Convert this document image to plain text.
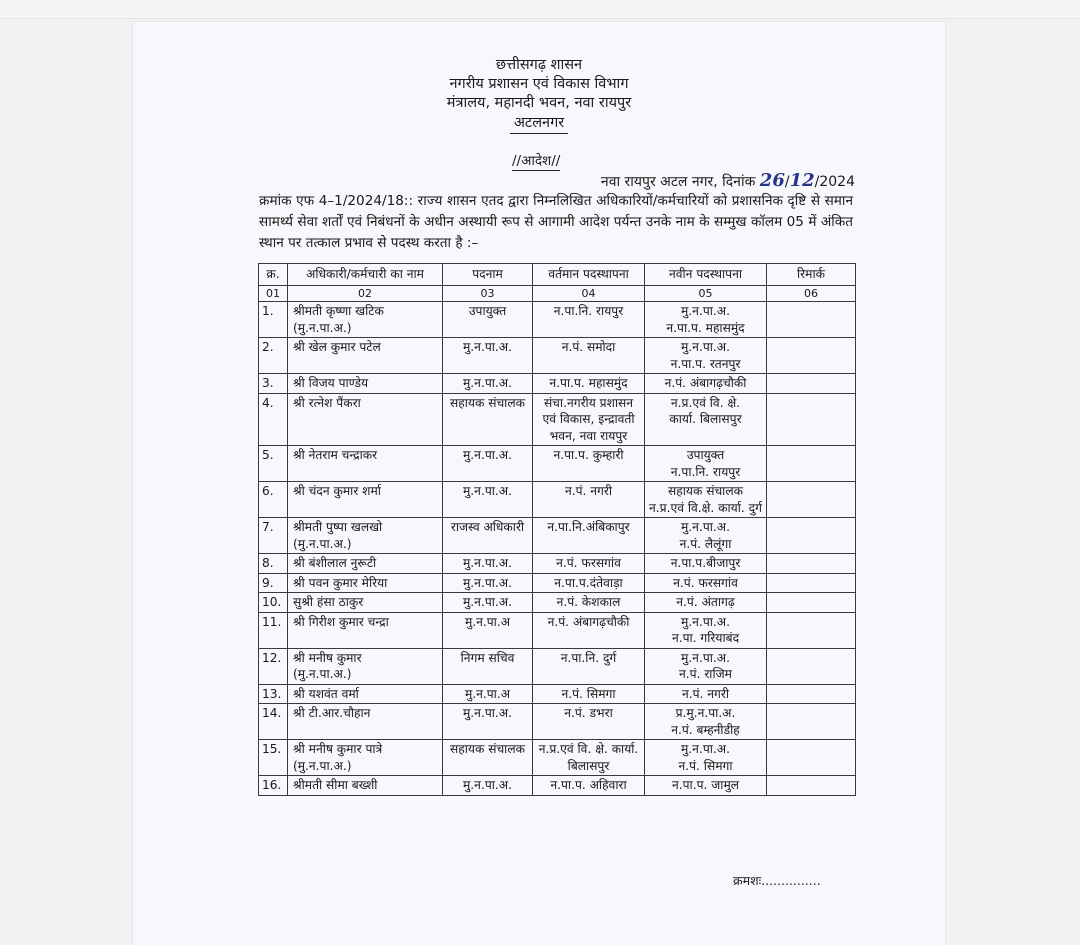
छत्तीसगढ़ शासन
नगरीय प्रशासन एवं विकास विभाग
मंत्रालय, महानदी भवन, नवा रायपुर
अटलनगर
//आदेश//
नवा रायपुर अटल नगर, दिनांक 26/12/2024
क्रमांक एफ 4–1/2024/18:: राज्य शासन एतद द्वारा निम्नलिखित अधिकारियों/कर्मचारियों को प्रशासनिक दृष्टि से समान सामर्थ्य सेवा शर्तों एवं निबंधनों के अधीन अस्थायी रूप से आगामी आदेश पर्यन्त उनके नाम के सम्मुख कॉलम 05 में अंकित स्थान पर तत्काल प्रभाव से पदस्थ करता है :–
क्र.	अधिकारी/कर्मचारी का नाम	पदनाम	वर्तमान पदस्थापना	नवीन पदस्थापना	रिमार्क
01	02	03	04	05	06

1.	श्रीमती कृष्णा खटिक
(मु.न.पा.अ.)	उपायुक्त	न.पा.नि. रायपुर	मु.न.पा.अ.
न.पा.प. महासमुंद	

2.	श्री खेल कुमार पटेल	मु.न.पा.अ.	न.पं. समोदा	मु.न.पा.अ.
न.पा.प. रतनपुर	

3.	श्री विजय पाण्डेय	मु.न.पा.अ.	न.पा.प. महासमुंद	न.पं. अंबागढ़चौकी	

4.	श्री रत्नेश पैंकरा	सहायक संचालक	संचा.नगरीय प्रशासन एवं विकास, इन्द्रावती भवन, नवा रायपुर	न.प्र.एवं वि. क्षे.
कार्या. बिलासपुर	

5.	श्री नेतराम चन्द्राकर	मु.न.पा.अ.	न.पा.प. कुम्हारी	उपायुक्त
न.पा.नि. रायपुर	

6.	श्री चंदन कुमार शर्मा	मु.न.पा.अ.	न.पं. नगरी	सहायक संचालक
न.प्र.एवं वि.क्षे. कार्या. दुर्ग	

7.	श्रीमती पुष्पा खलखो
(मु.न.पा.अ.)	राजस्व अधिकारी	न.पा.नि.अंबिकापुर	मु.न.पा.अ.
न.पं. लैलूंगा	

8.	श्री बंशीलाल नुरूटी	मु.न.पा.अ.	न.पं. फरसगांव	न.पा.प.बीजापुर	

9.	श्री पवन कुमार मेरिया	मु.न.पा.अ.	न.पा.प.दंतेवाड़ा	न.पं. फरसगांव	

10.	सुश्री हंसा ठाकुर	मु.न.पा.अ.	न.पं. केशकाल	न.पं. अंतागढ़	

11.	श्री गिरीश कुमार चन्द्रा	मु.न.पा.अ	न.पं. अंबागढ़चौकी	मु.न.पा.अ.
न.पा. गरियाबंद	

12.	श्री मनीष कुमार
(मु.न.पा.अ.)	निगम सचिव	न.पा.नि. दुर्ग	मु.न.पा.अ.
न.पं. राजिम	

13.	श्री यशवंत वर्मा	मु.न.पा.अ	न.पं. सिमगा	न.पं. नगरी	

14.	श्री टी.आर.चौहान	मु.न.पा.अ.	न.पं. डभरा	प्र.मु.न.पा.अ.
न.पं. बम्हनीडीह	

15.	श्री मनीष कुमार पात्रे
(मु.न.पा.अ.)	सहायक संचालक	न.प्र.एवं वि. क्षे. कार्या. बिलासपुर	मु.न.पा.अ.
न.पं. सिमगा	

16.	श्रीमती सीमा बख्शी	मु.न.पा.अ.	न.पा.प. अहिवारा	न.पा.प. जामुल	

क्रमशः...............
